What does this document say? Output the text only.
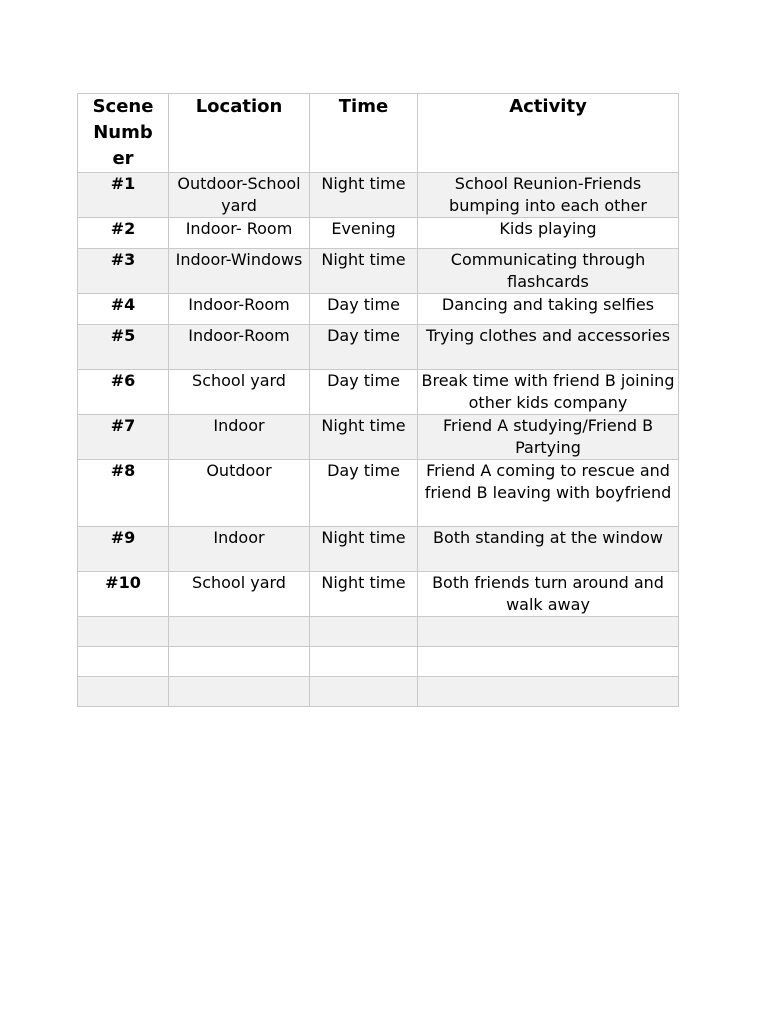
Scene Numb er	Location	Time	Activity
#1	Outdoor-School yard	Night time	School Reunion-Friends bumping into each other
#2	Indoor- Room	Evening	Kids playing
#3	Indoor-Windows	Night time	Communicating through flashcards
#4	Indoor-Room	Day time	Dancing and taking selfies
#5	Indoor-Room	Day time	Trying clothes and accessories
#6	School yard	Day time	Break time with friend B joining other kids company
#7	Indoor	Night time	Friend A studying/Friend B Partying
#8	Outdoor	Day time	Friend A coming to rescue and friend B leaving with boyfriend
#9	Indoor	Night time	Both standing at the window
#10	School yard	Night time	Both friends turn around and walk away
